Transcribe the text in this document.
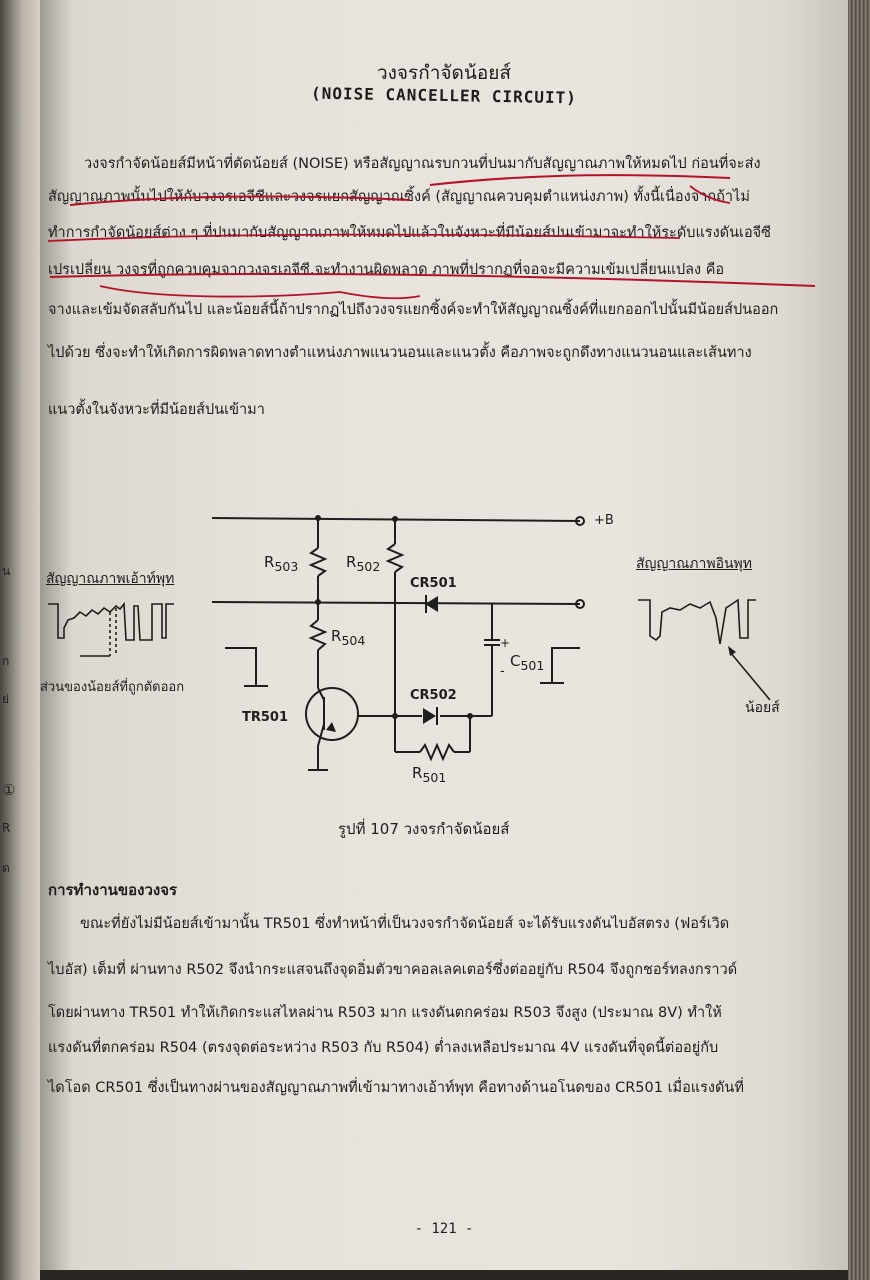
น
ก
ย่
①
R
ด
วงจรกำจัดน้อยส์
(NOISE CANCELLER CIRCUIT)
วงจรกำจัดน้อยส์มีหน้าที่ตัดน้อยส์ (NOISE) หรือสัญญาณรบกวนที่ปนมากับสัญญาณภาพให้หมดไป ก่อนที่จะส่ง
สัญญาณภาพนั้นไปให้กับวงจรเอจีซีและวงจรแยกสัญญาณซิ้งค์ (สัญญาณควบคุมตำแหน่งภาพ) ทั้งนี้เนื่องจากถ้าไม่
ทำการกำจัดน้อยส์ต่าง ๆ ที่ปนมากับสัญญาณภาพให้หมดไปแล้วในจังหวะที่มีน้อยส์ปนเข้ามาจะทำให้ระดับแรงดันเอจีซี
เปรเปลี่ยน วงจรที่ถูกควบคุมจากวงจรเอจีซี.จะทำงานผิดพลาด ภาพที่ปรากฏที่จอจะมีความเข้มเปลี่ยนแปลง คือ
จางและเข้มจัดสลับกันไป และน้อยส์นี้ถ้าปรากฏไปถึงวงจรแยกซิ้งค์จะทำให้สัญญาณซิ้งค์ที่แยกออกไปนั้นมีน้อยส์ปนออก
ไปด้วย ซึ่งจะทำให้เกิดการผิดพลาดทางตำแหน่งภาพแนวนอนและแนวตั้ง คือภาพจะถูกดึงทางแนวนอนและเส้นทาง
แนวตั้งในจังหวะที่มีน้อยส์ปนเข้ามา
$R_{503}$	$R_{502}$
$R_{504}$
$R_{501}$
$C_{501}$
CR501
CR502
TR501
+B
+
-
สัญญาณภาพเอ้าท์พุท
ส่วนของน้อยส์ที่ถูกตัดออก
สัญญาณภาพอินพุท
น้อยส์
รูปที่ 107 วงจรกำจัดน้อยส์
การทำงานของวงจร
ขณะที่ยังไม่มีน้อยส์เข้ามานั้น TR501 ซึ่งทำหน้าที่เป็นวงจรกำจัดน้อยส์ จะได้รับแรงดันไบอัสตรง (ฟอร์เวิด
ไบอัส) เต็มที่ ผ่านทาง R502 จึงนำกระแสจนถึงจุดอิ่มตัวขาคอลเลคเตอร์ซึ่งต่ออยู่กับ R504 จึงถูกชอร์ทลงกราวด์
โดยผ่านทาง TR501 ทำให้เกิดกระแสไหลผ่าน R503 มาก แรงดันตกคร่อม R503 จึงสูง (ประมาณ 8V) ทำให้
แรงดันที่ตกคร่อม R504 (ตรงจุดต่อระหว่าง R503 กับ R504) ต่ำลงเหลือประมาณ 4V แรงดันที่จุดนี้ต่ออยู่กับ
ไดโอด CR501 ซึ่งเป็นทางผ่านของสัญญาณภาพที่เข้ามาทางเอ้าท์พุท คือทางด้านอโนดของ CR501 เมื่อแรงดันที่
- 121 -
